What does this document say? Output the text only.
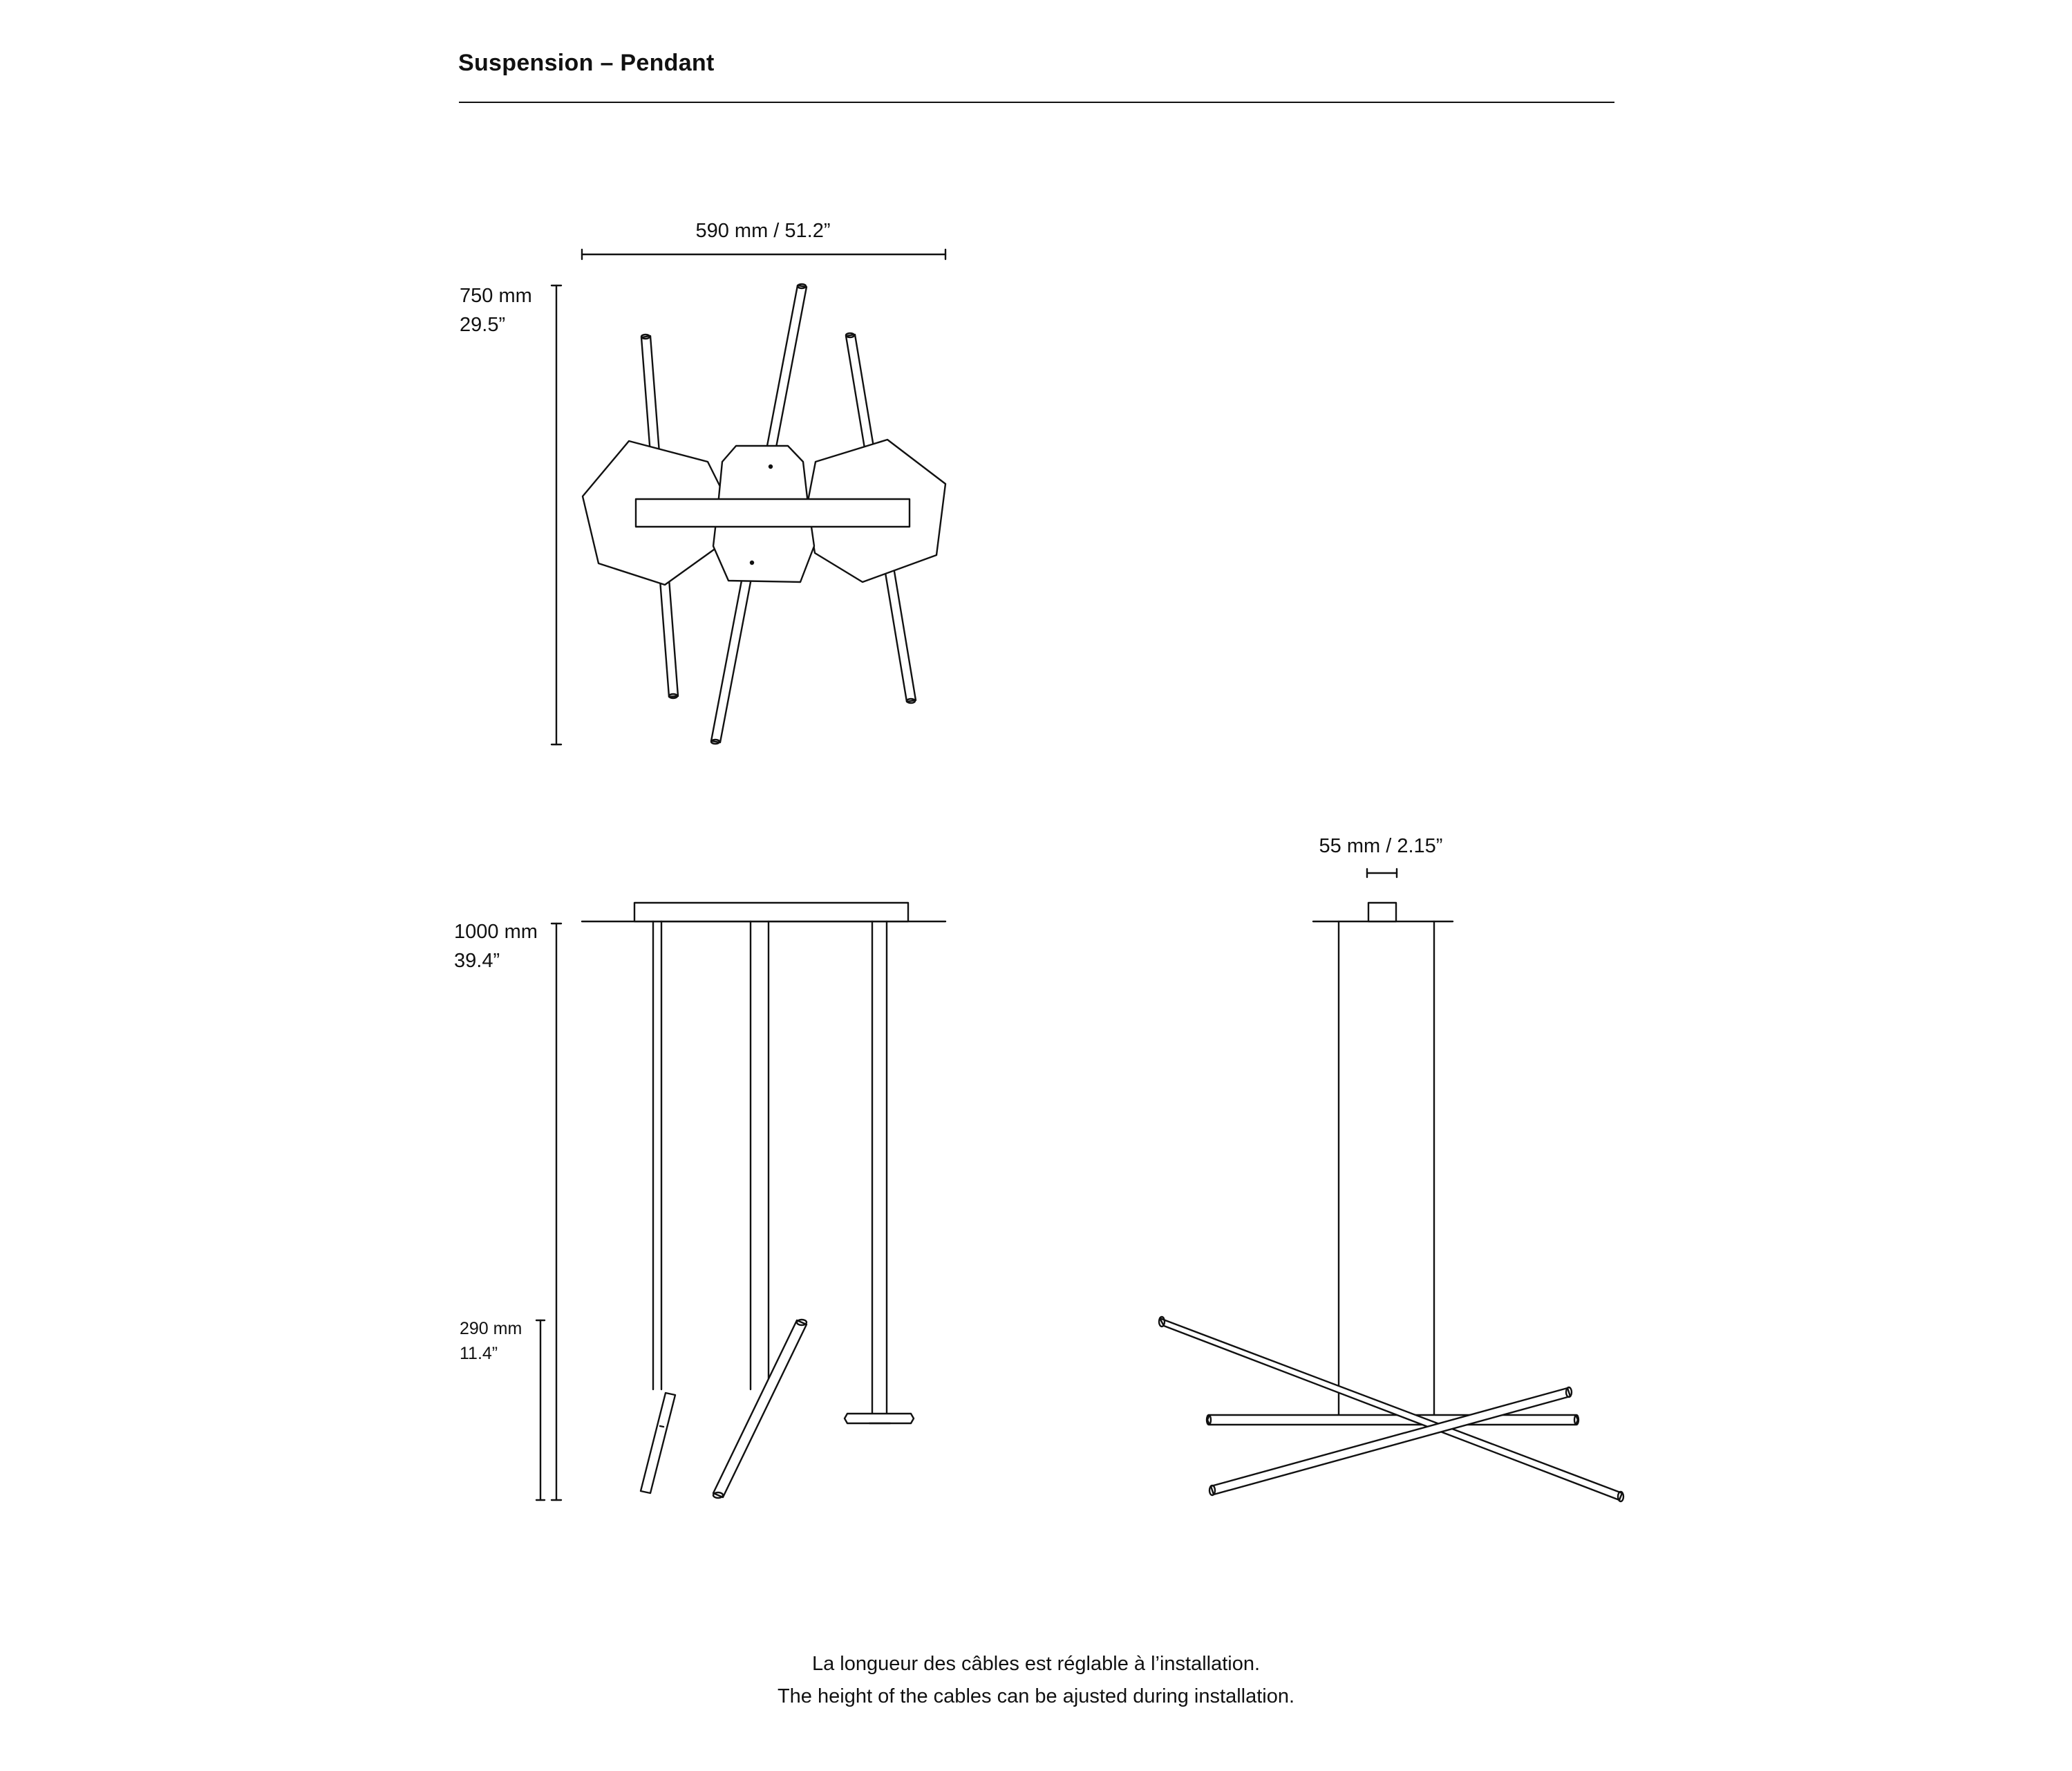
Suspension – Pendant
590 mm / 51.2”
750 mm
29.5”
55 mm / 2.15”
1000 mm
39.4”
290 mm
11.4”
La longueur des câbles est réglable à l’installation.
The height of the cables can be ajusted during installation.
